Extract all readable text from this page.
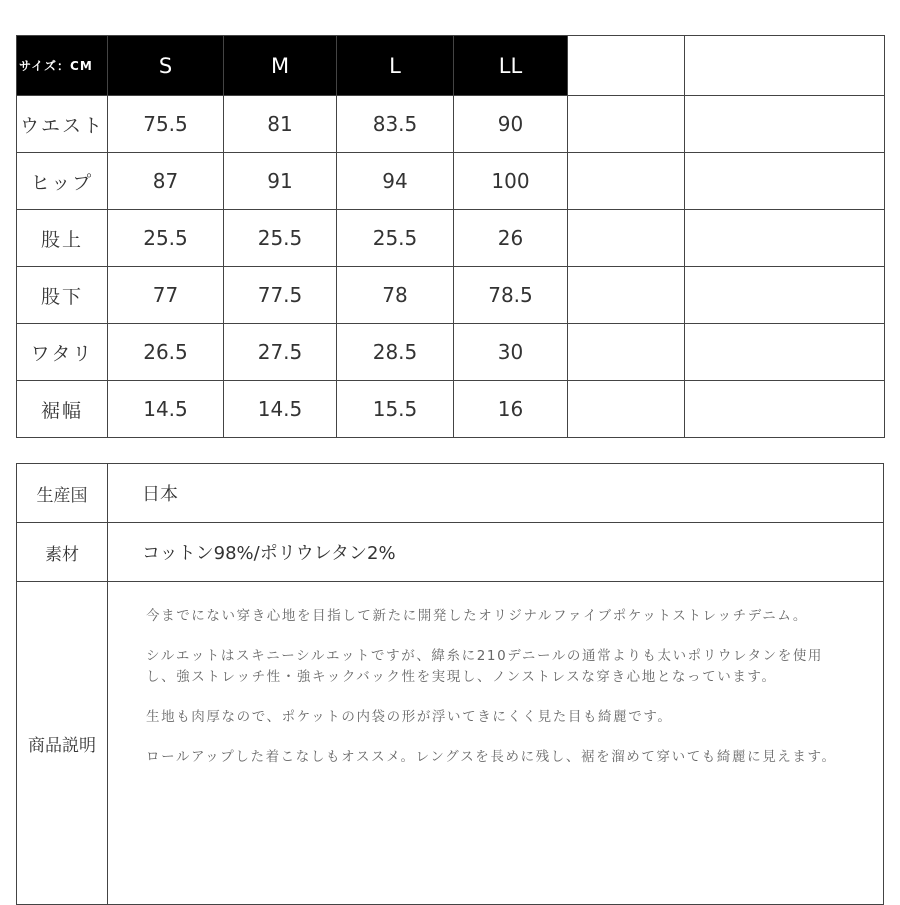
サイズ：CM	S	M	L	LL		
ウエスト	75.5	81	83.5	90		
ヒップ	87	91	94	100		
股上	25.5	25.5	25.5	26		
股下	77	77.5	78	78.5		
ワタリ	26.5	27.5	28.5	30		
裾幅	14.5	14.5	15.5	16		
生産国	日本
素材	コットン98%/ポリウレタン2%
商品説明	今までにない穿き心地を目指して新たに開発したオリジナルファイブポケットストレッチデニム。

シルエットはスキニーシルエットですが、緯糸に210デニールの通常よりも太いポリウレタンを使用し、強ストレッチ性・強キックバック性を実現し、ノンストレスな穿き心地となっています。

生地も肉厚なので、ポケットの内袋の形が浮いてきにくく見た目も綺麗です。

ロールアップした着こなしもオススメ。レングスを長めに残し、裾を溜めて穿いても綺麗に見えます。
